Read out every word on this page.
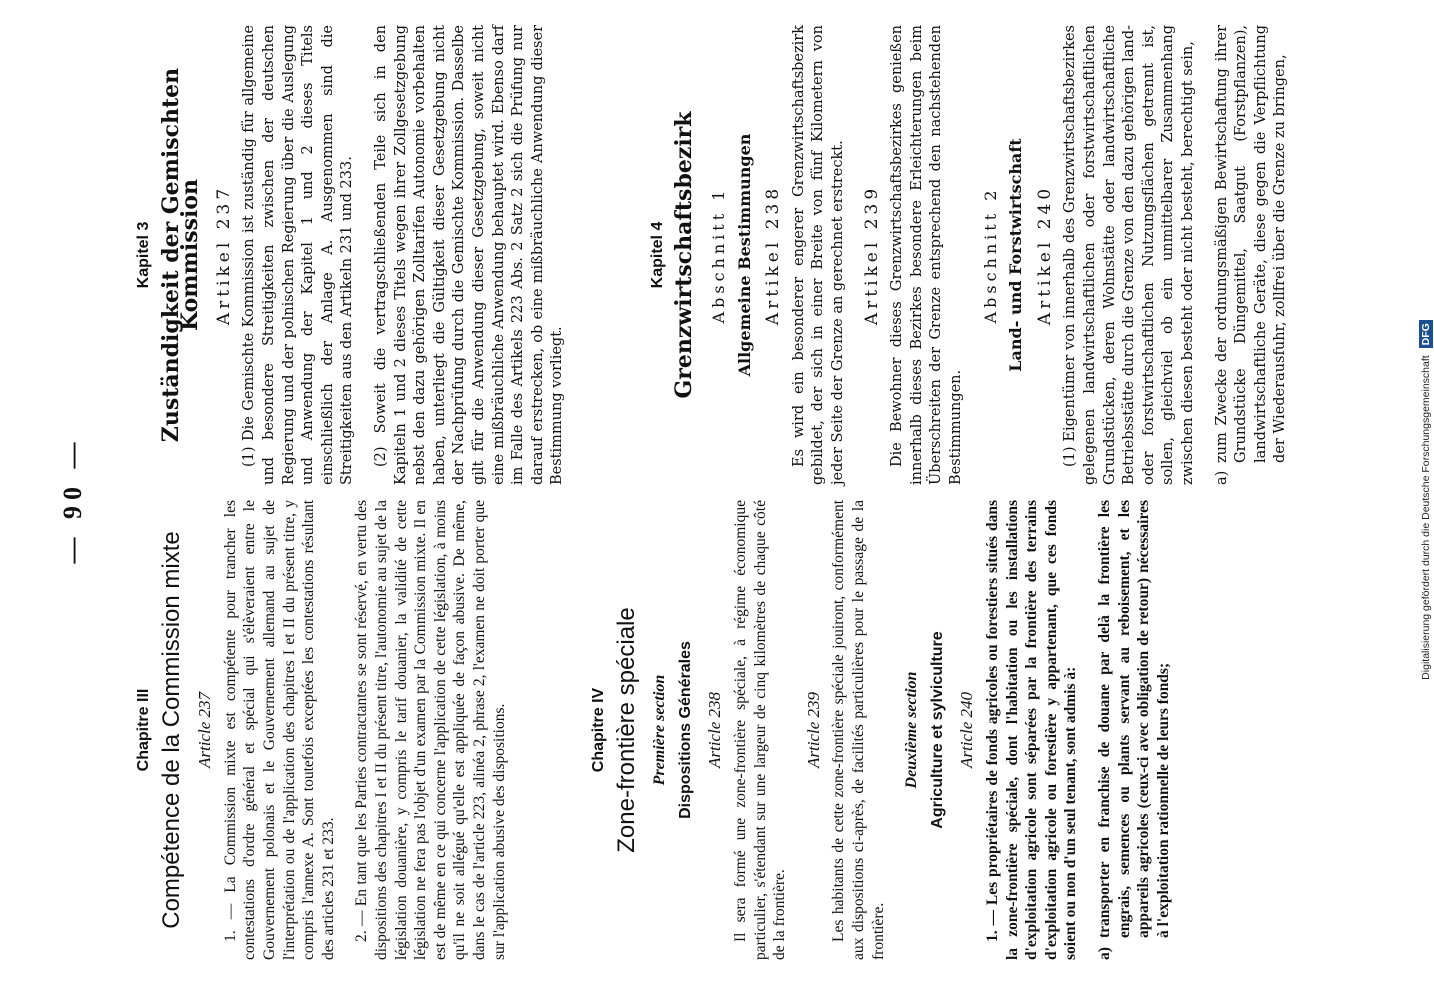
— 90 —
Chapitre III Compétence de la Commission mixte Article 237 1. — La Commission mixte est compétente pour trancher les contestations d'ordre général et spécial qui s'élèveraient entre le Gouvernement polonais et le Gouvernement allemand au sujet de l'interprétation ou de l'application des chapitres I et II du présent titre, y compris l'annexe A. Sont toutefois exceptées les contestations résultant des articles 231 et 233. 2. — En tant que les Parties contractantes se sont réservé, en vertu des dispositions des chapitres I et II du présent titre, l'autonomie au sujet de la législation douanière, y compris le tarif douanier, la validité de cette législation ne fera pas l'objet d'un examen par la Commission mixte. Il en est de même en ce qui concerne l'application de cette législation, à moins qu'il ne soit allégué qu'elle est appliquée de façon abusive. De même, dans le cas de l'article 223, alinéa 2, phrase 2, l'examen ne doit porter que sur l'application abusive des dispositions.	Chapitre IV Zone-frontière spéciale Première section Dispositions Générales Article 238 Il sera formé une zone-frontière spéciale, à régime économique particulier, s'étendant sur une largeur de cinq kilomètres de chaque côté de la frontière.

Article 239 Les habitants de cette zone-frontière spéciale jouiront, conformément aux dispositions ci-après, de facilités particulières pour le passage de la frontière.

Deuxième section Agriculture et sylviculture Article 240 1. — Les propriétaires de fonds agricoles ou forestiers situés dans la zone-frontière spéciale, dont l'habitation ou les installations d'exploitation agricole sont séparées par la frontière des terrains d'exploitation agricole ou forestière y appartenant, que ces fonds soient ou non d'un seul tenant, sont admis à: a)
transporter en franchise de douane par delà la frontière les engrais, semences ou plants servant au reboisement, et les appareils agricoles (ceux-ci avec obligation de retour) nécessaires à l'exploitation rationnelle de leurs fonds;

Kapitel 3 Zuständigkeit der Gemischten Kommission Artikel 237 (1) Die Gemischte Kommission ist zuständig für allgemeine und besondere Streitigkeiten zwischen der deutschen Regierung und der polnischen Regierung über die Auslegung und Anwendung der Kapitel 1 und 2 dieses Titels einschließlich der Anlage A. Ausgenommen sind die Streitigkeiten aus den Artikeln 231 und 233. (2) Soweit die vertragschließenden Teile sich in den Kapiteln 1 und 2 dieses Titels wegen ihrer Zollgesetzgebung nebst den dazu gehörigen Zolltarifen Autonomie vorbehalten haben, unterliegt die Gültigkeit dieser Gesetzgebung nicht der Nachprüfung durch die Gemischte Kommission. Dasselbe gilt für die Anwendung dieser Gesetzgebung, soweit nicht eine mißbräuchliche Anwendung behauptet wird. Ebenso darf im Falle des Artikels 223 Abs. 2 Satz 2 sich die Prüfung nur darauf erstrecken, ob eine mißbräuchliche Anwendung dieser Bestimmung vorliegt.

Kapitel 4 Grenzwirtschaftsbezirk Abschnitt 1 Allgemeine Bestimmungen Artikel 238 Es wird ein besonderer engerer Grenzwirtschaftsbezirk gebildet, der sich in einer Breite von fünf Kilometern von jeder Seite der Grenze an gerechnet erstreckt. Artikel 239 Die Bewohner dieses Grenzwirtschaftsbezirkes genießen innerhalb dieses Bezirkes besondere Erleichterungen beim Überschreiten der Grenze entsprechend den nachstehenden Bestimmungen.

Abschnitt 2 Land- und Forstwirtschaft Artikel 240 (1) Eigentümer von innerhalb des Grenzwirtschaftsbezirkes gelegenen landwirtschaftlichen oder forstwirtschaftlichen Grundstücken, deren Wohnstätte oder landwirtschaftliche Betriebsstätte durch die Grenze von den dazu gehörigen land- oder forstwirtschaftlichen Nutzungsflächen getrennt ist, sollen, gleichviel ob ein unmittelbarer Zusammenhang zwischen diesen besteht oder nicht besteht, berechtigt sein, a)
zum Zwecke der ordnungsmäßigen Bewirtschaftung ihrer Grundstücke Düngemittel, Saatgut (Forstpflanzen), landwirtschaftliche Geräte, diese gegen die Verpflichtung der Wiederausfuhr, zollfrei über die Grenze zu bringen,

Digitalisierung gefördert durch die Deutsche Forschungsgemeinschaft DFG
